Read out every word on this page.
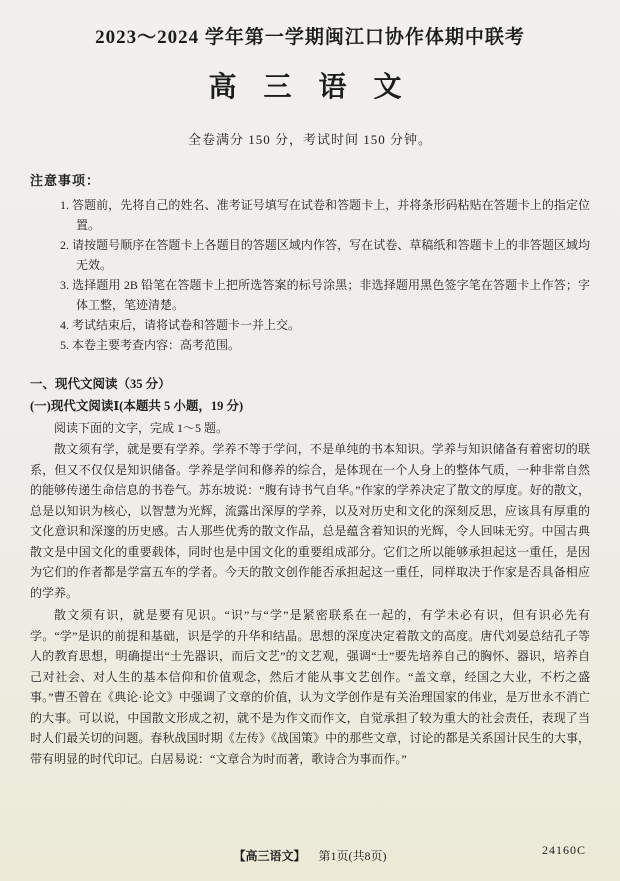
2023～2024 学年第一学期闽江口协作体期中联考
高 三 语 文
全卷满分 150 分，考试时间 150 分钟。
注意事项：
1. 答题前，先将自己的姓名、准考证号填写在试卷和答题卡上，并将条形码粘贴在答题卡上的指定位置。
2. 请按题号顺序在答题卡上各题目的答题区域内作答，写在试卷、草稿纸和答题卡上的非答题区域均无效。
3. 选择题用 2B 铅笔在答题卡上把所选答案的标号涂黑；非选择题用黑色签字笔在答题卡上作答；字体工整，笔迹清楚。
4. 考试结束后，请将试卷和答题卡一并上交。
5. 本卷主要考查内容：高考范围。
一、现代文阅读（35 分）
(一)现代文阅读Ⅰ(本题共 5 小题，19 分)
阅读下面的文字，完成 1～5 题。

散文须有学，就是要有学养。学养不等于学问，不是单纯的书本知识。学养与知识储备有着密切的联系，但又不仅仅是知识储备。学养是学问和修养的综合，是体现在一个人身上的整体气质，一种非常自然的能够传递生命信息的书卷气。苏东坡说：“腹有诗书气自华。”作家的学养决定了散文的厚度。好的散文，总是以知识为核心，以智慧为光辉，流露出深厚的学养，以及对历史和文化的深刻反思，应该具有厚重的文化意识和深邃的历史感。古人那些优秀的散文作品，总是蕴含着知识的光辉，令人回味无穷。中国古典散文是中国文化的重要载体，同时也是中国文化的重要组成部分。它们之所以能够承担起这一重任，是因为它们的作者都是学富五车的学者。今天的散文创作能否承担起这一重任，同样取决于作家是否具备相应的学养。

散文须有识，就是要有见识。“识”与“学”是紧密联系在一起的，有学未必有识，但有识必先有学。“学”是识的前提和基础，识是学的升华和结晶。思想的深度决定着散文的高度。唐代刘晏总结孔子等人的教育思想，明确提出“士先器识，而后文艺”的文艺观，强调“士”要先培养自己的胸怀、器识，培养自己对社会、对人生的基本信仰和价值观念，然后才能从事文艺创作。“盖文章，经国之大业，不朽之盛事。”曹丕曾在《典论·论文》中强调了文章的价值，认为文学创作是有关治理国家的伟业，是万世永不消亡的大事。可以说，中国散文形成之初，就不是为作文而作文，自觉承担了较为重大的社会责任，表现了当时人们最关切的问题。春秋战国时期《左传》《战国策》中的那些文章，讨论的都是关系国计民生的大事，带有明显的时代印记。白居易说：“文章合为时而著，歌诗合为事而作。”

【高三语文】 第1页(共8页)	24160C
